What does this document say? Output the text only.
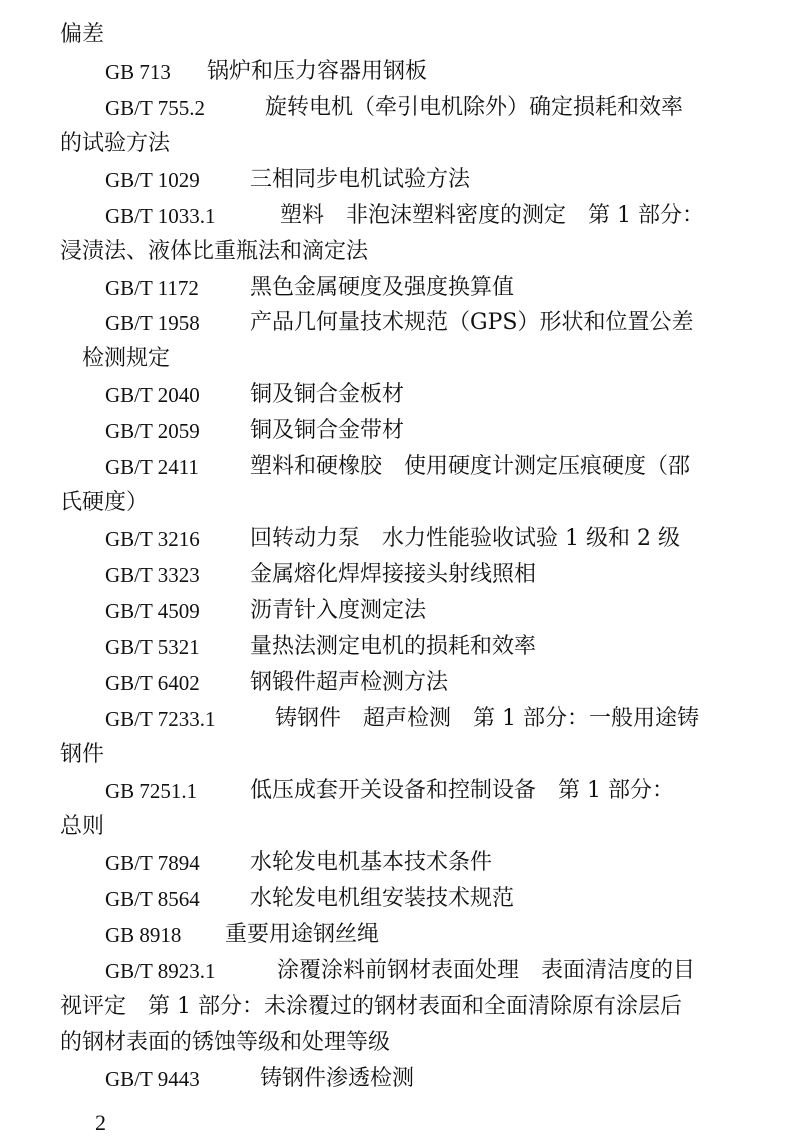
偏差
GB 713 锅炉和压力容器用钢板
GB/T 755.2	旋转电机（牵引电机除外）确定损耗和效率
的试验方法
GB/T 1029 三相同步电机试验方法
GB/T 1033.1	塑料　非泡沫塑料密度的测定　第 1 部分：
浸渍法、液体比重瓶法和滴定法
GB/T 1172 黑色金属硬度及强度换算值
GB/T 1958 产品几何量技术规范（GPS）形状和位置公差
检测规定
GB/T 2040 铜及铜合金板材
GB/T 2059 铜及铜合金带材
GB/T 2411 塑料和硬橡胶　使用硬度计测定压痕硬度（邵
氏硬度）
GB/T 3216 回转动力泵　水力性能验收试验 1 级和 2 级
GB/T 3323 金属熔化焊焊接接头射线照相
GB/T 4509 沥青针入度测定法
GB/T 5321 量热法测定电机的损耗和效率
GB/T 6402 钢锻件超声检测方法
GB/T 7233.1	铸钢件　超声检测　第 1 部分：一般用途铸
钢件
GB 7251.1 低压成套开关设备和控制设备　第 1 部分：
总则
GB/T 7894 水轮发电机基本技术条件
GB/T 8564 水轮发电机组安装技术规范
GB 8918 重要用途钢丝绳
GB/T 8923.1	涂覆涂料前钢材表面处理　表面清洁度的目
视评定　第 1 部分：未涂覆过的钢材表面和全面清除原有涂层后
的钢材表面的锈蚀等级和处理等级
GB/T 9443	铸钢件渗透检测
2
